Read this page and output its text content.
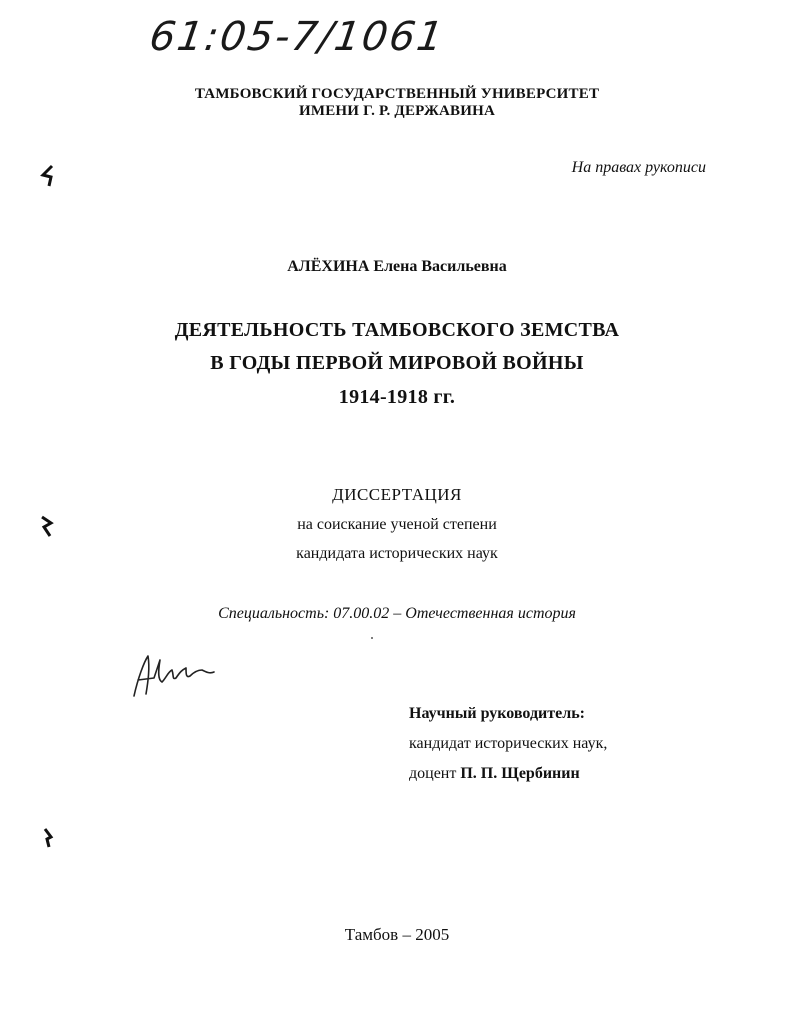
61:05-7/1061
ТАМБОВСКИЙ ГОСУДАРСТВЕННЫЙ УНИВЕРСИТЕТ
ИМЕНИ Г. Р. ДЕРЖАВИНА
На правах рукописи
АЛЁХИНА Елена Васильевна
ДЕЯТЕЛЬНОСТЬ ТАМБОВСКОГО ЗЕМСТВА
В ГОДЫ ПЕРВОЙ МИРОВОЙ ВОЙНЫ
1914-1918 гг.
ДИССЕРТАЦИЯ
на соискание ученой степени
кандидата исторических наук
Специальность: 07.00.02 – Отечественная история
Научный руководитель:
кандидат исторических наук,
доцент П. П. Щербинин
Тамбов – 2005
